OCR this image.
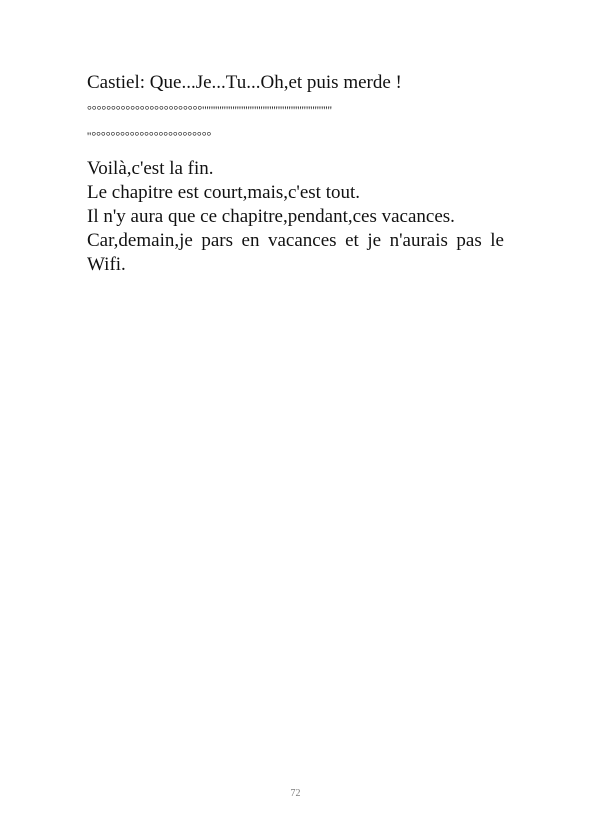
Castiel: Que...Je...Tu...Oh,et puis merde !

°°°°°°°°°°°°°°°°°°°°°°°°''''''''''''''''''''''''''''''''''''''''''''''''''''''''''''

''°°°°°°°°°°°°°°°°°°°°°°°°°

Voilà,c'est la fin.

Le chapitre est court,mais,c'est tout.

Il n'y aura que ce chapitre,pendant,ces vacances.

Car,demain,je pars en vacances et je n'aurais pas le Wifi.

72
